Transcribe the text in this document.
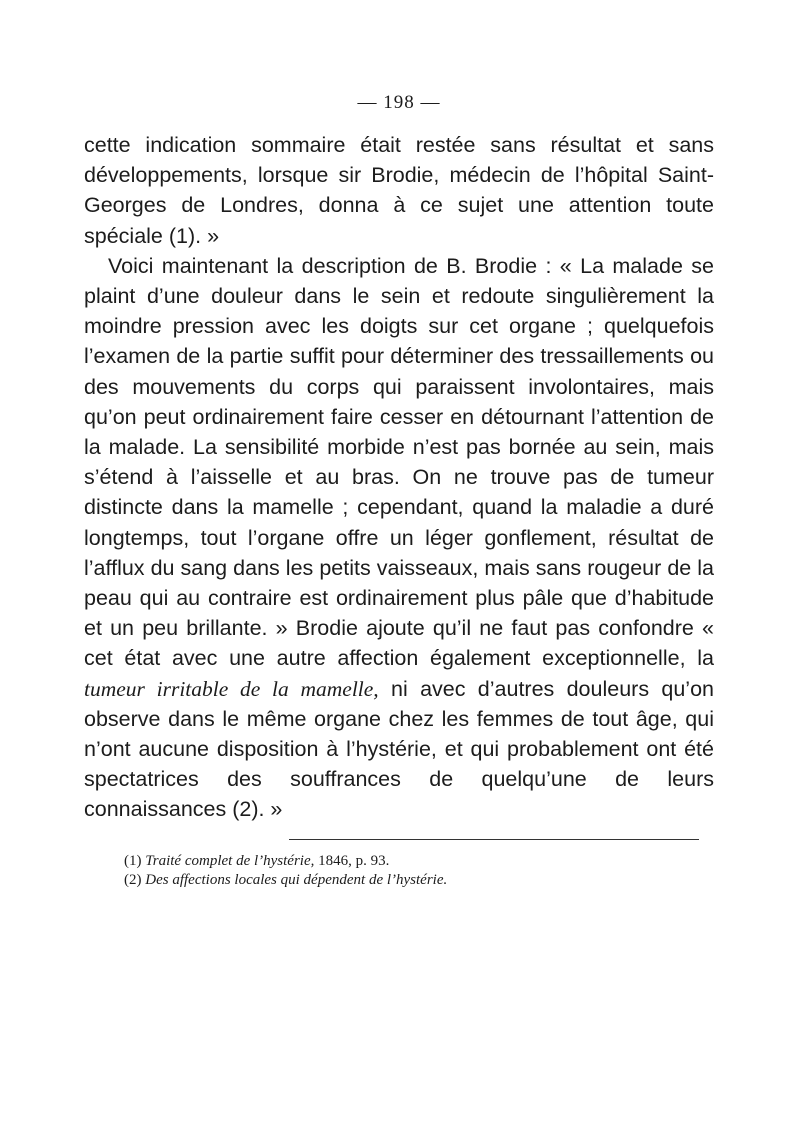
— 198 —

cette indication sommaire était restée sans résultat et sans développements, lorsque sir Brodie, médecin de l’hôpital Saint-Georges de Londres, donna à ce sujet une attention toute spéciale (1). »

Voici maintenant la description de B. Brodie : « La malade se plaint d’une douleur dans le sein et redoute singulièrement la moindre pression avec les doigts sur cet organe ; quelquefois l’examen de la partie suffit pour déterminer des tressaillements ou des mouvements du corps qui paraissent involontaires, mais qu’on peut ordinairement faire cesser en détournant l’attention de la malade. La sensibilité morbide n’est pas bornée au sein, mais s’étend à l’aisselle et au bras. On ne trouve pas de tumeur distincte dans la mamelle ; cependant, quand la maladie a duré longtemps, tout l’organe offre un léger gonflement, résultat de l’afflux du sang dans les petits vaisseaux, mais sans rougeur de la peau qui au contraire est ordinairement plus pâle que d’habitude et un peu brillante. » Brodie ajoute qu’il ne faut pas confondre « cet état avec une autre affection également exceptionnelle, la tumeur irritable de la mamelle, ni avec d’autres douleurs qu’on observe dans le même organe chez les femmes de tout âge, qui n’ont aucune disposition à l’hystérie, et qui probablement ont été spectatrices des souffrances de quelqu’une de leurs connaissances (2). »

(1) Traité complet de l’hystérie, 1846, p. 93.
(2) Des affections locales qui dépendent de l’hystérie.
